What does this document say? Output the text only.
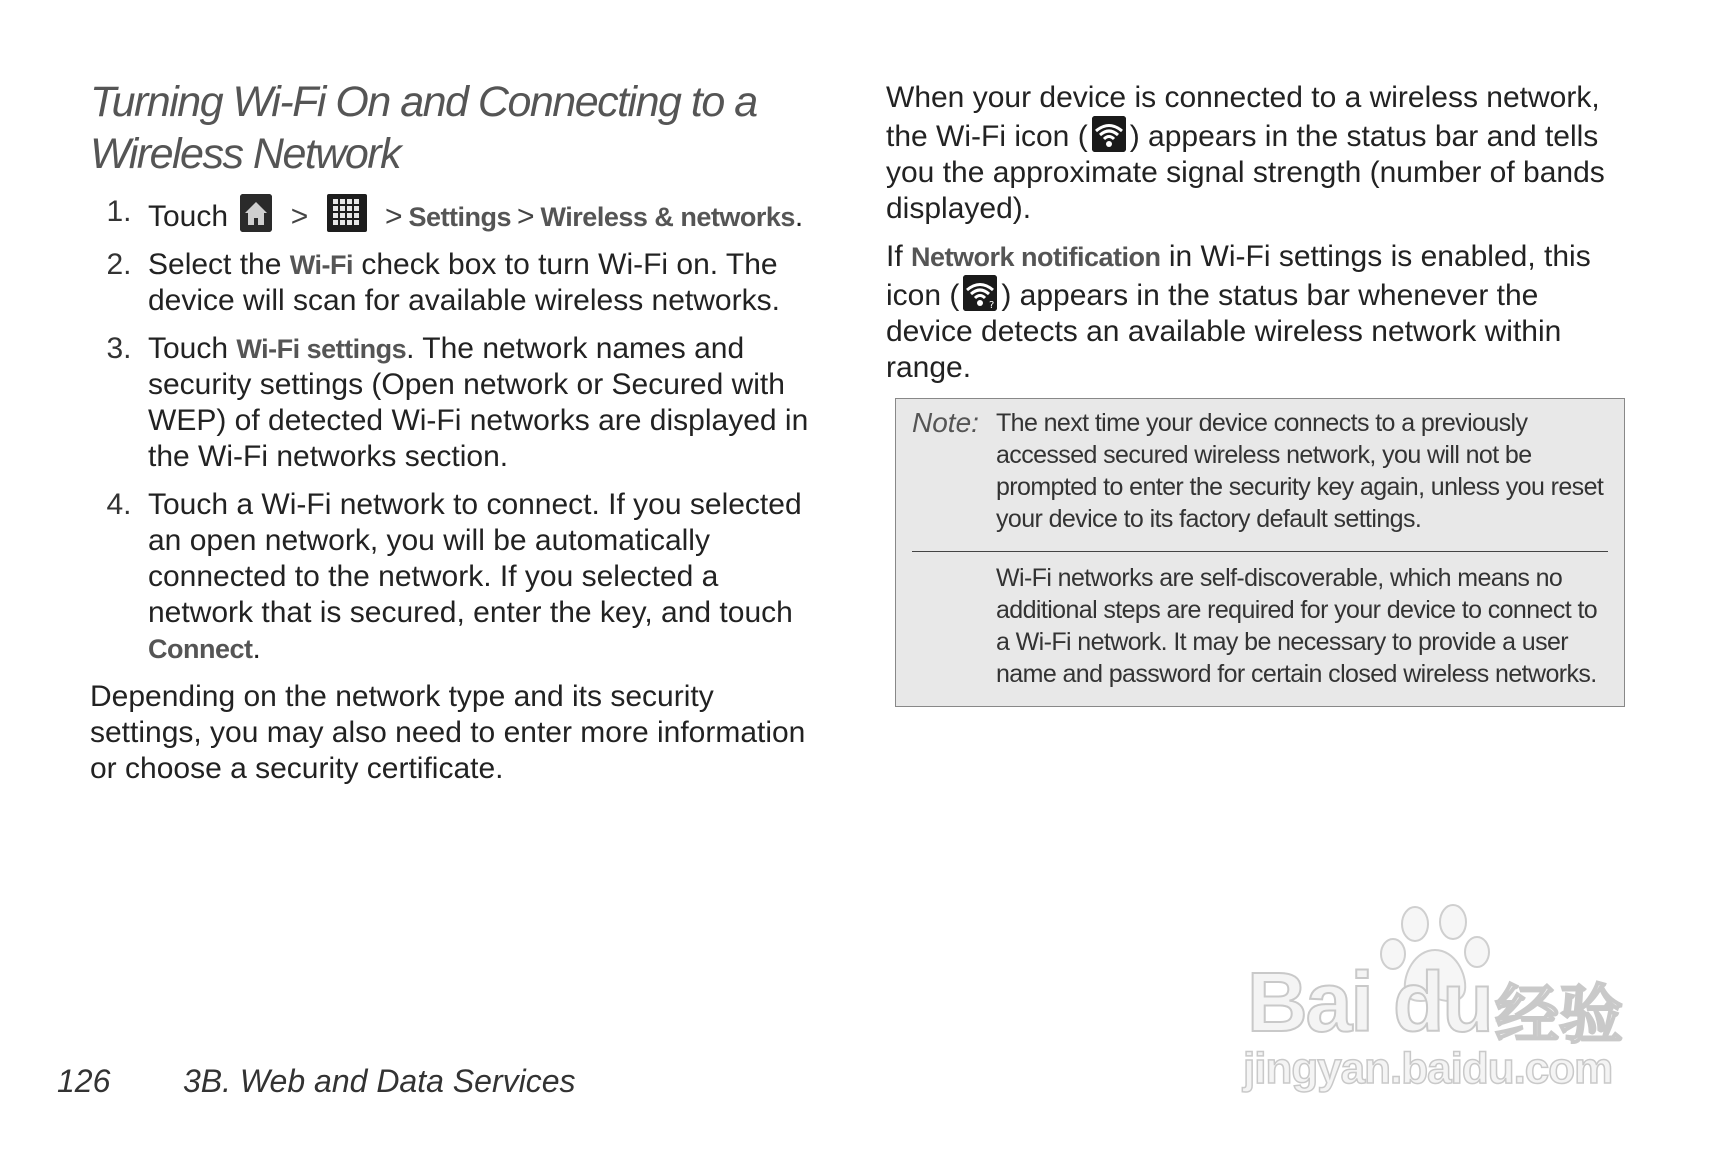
Turning Wi-Fi On and Connecting to a
Wireless Network
1. Touch >	> Settings > Wireless & networks.
2. Select the Wi-Fi check box to turn Wi-Fi on. The device will scan for available wireless networks.
3. Touch Wi-Fi settings. The network names and security settings (Open network or Secured with WEP) of detected Wi-Fi networks are displayed in the Wi-Fi networks section.
4. Touch a Wi-Fi network to connect. If you selected an open network, you will be automatically connected to the network. If you selected a network that is secured, enter the key, and touch Connect.

Depending on the network type and its security settings, you may also need to enter more information or choose a security certificate.

When your device is connected to a wireless network, the Wi-Fi icon ( ) appears in the status bar and tells you the approximate signal strength (number of bands displayed).

If Network notification in Wi-Fi settings is enabled, this icon (	? ) appears in the status bar whenever the device detects an available wireless network within range.

Note: The next time your device connects to a previously accessed secured wireless network, you will not be prompted to enter the security key again, unless you reset your device to its factory default settings.
Wi-Fi networks are self-discoverable, which means no additional steps are required for your device to connect to a Wi-Fi network. It may be necessary to provide a user name and password for certain closed wireless networks.
126 3B. Web and Data Services
Bai du 经验
jingyan.baidu.com
